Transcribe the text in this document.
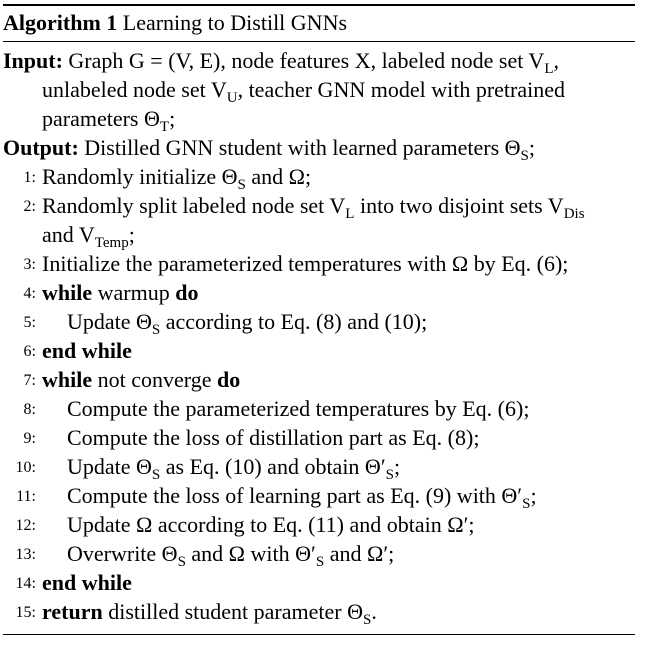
Algorithm 1 Learning to Distill GNNs
Input: Graph G = (V, E), node features X, labeled node set $V_L$, unlabeled node set $V_U$, teacher GNN model with pretrained parameters $\Theta_T$;
Output: Distilled GNN student with learned parameters $\Theta_S$;
1: Randomly initialize $\Theta_S$ and Ω;
2: Randomly split labeled node set $V_L$ into two disjoint sets $V_{Dis}$
and $V_{Temp}$;
3: Initialize the parameterized temperatures with Ω by Eq. (6);
4: while warmup do
5: Update $\Theta_S$ according to Eq. (8) and (10);
6: end while
7: while not converge do
8: Compute the parameterized temperatures by Eq. (6);
9: Compute the loss of distillation part as Eq. (8);
10: Update $\Theta_S$ as Eq. (10) and obtain $\Theta'_S$;
11: Compute the loss of learning part as Eq. (9) with $\Theta'_S$;
12: Update Ω according to Eq. (11) and obtain Ω′;
13: Overwrite $\Theta_S$ and Ω with $\Theta'_S$ and Ω′;
14: end while
15: return distilled student parameter $\Theta_S$.
